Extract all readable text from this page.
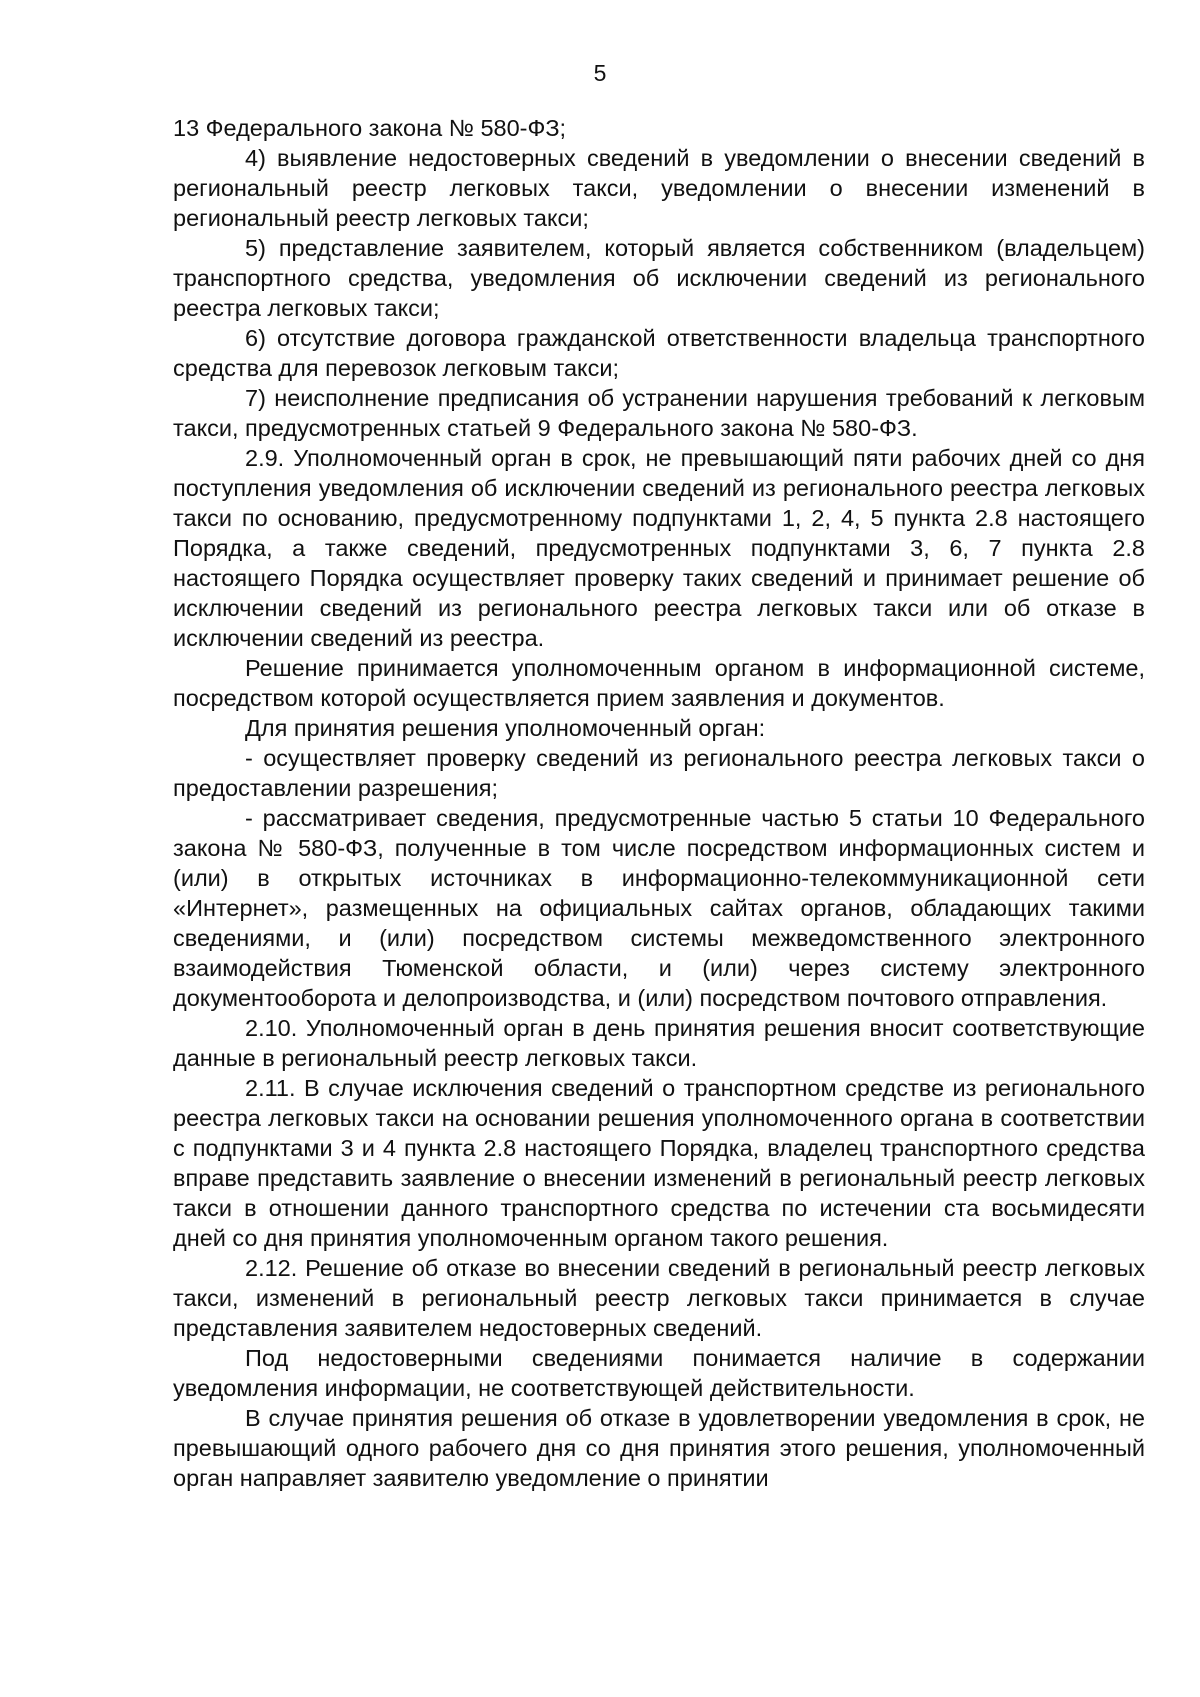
5

13 Федерального закона № 580-ФЗ;

4) выявление недостоверных сведений в уведомлении о внесении сведений в региональный реестр легковых такси, уведомлении о внесении изменений в региональный реестр легковых такси;

5) представление заявителем, который является собственником (владельцем) транспортного средства, уведомления об исключении сведений из регионального реестра легковых такси;

6) отсутствие договора гражданской ответственности владельца транспортного средства для перевозок легковым такси;

7) неисполнение предписания об устранении нарушения требований к легковым такси, предусмотренных статьей 9 Федерального закона № 580-ФЗ.

2.9. Уполномоченный орган в срок, не превышающий пяти рабочих дней со дня поступления уведомления об исключении сведений из регионального реестра легковых такси по основанию, предусмотренному подпунктами 1, 2, 4, 5 пункта 2.8 настоящего Порядка, а также сведений, предусмотренных подпунктами 3, 6, 7 пункта 2.8 настоящего Порядка осуществляет проверку таких сведений и принимает решение об исключении сведений из регионального реестра легковых такси или об отказе в исключении сведений из реестра.

Решение принимается уполномоченным органом в информационной системе, посредством которой осуществляется прием заявления и документов.

Для принятия решения уполномоченный орган:

- осуществляет проверку сведений из регионального реестра легковых такси о предоставлении разрешения;

- рассматривает сведения, предусмотренные частью 5 статьи 10 Федерального закона № 580-ФЗ, полученные в том числе посредством информационных систем и (или) в открытых источниках в информационно-телекоммуникационной сети «Интернет», размещенных на официальных сайтах органов, обладающих такими сведениями, и (или) посредством системы межведомственного электронного взаимодействия Тюменской области, и (или) через систему электронного документооборота и делопроизводства, и (или) посредством почтового отправления.

2.10. Уполномоченный орган в день принятия решения вносит соответствующие данные в региональный реестр легковых такси.

2.11. В случае исключения сведений о транспортном средстве из регионального реестра легковых такси на основании решения уполномоченного органа в соответствии с подпунктами 3 и 4 пункта 2.8 настоящего Порядка, владелец транспортного средства вправе представить заявление о внесении изменений в региональный реестр легковых такси в отношении данного транспортного средства по истечении ста восьмидесяти дней со дня принятия уполномоченным органом такого решения.

2.12. Решение об отказе во внесении сведений в региональный реестр легковых такси, изменений в региональный реестр легковых такси принимается в случае представления заявителем недостоверных сведений.

Под недостоверными сведениями понимается наличие в содержании уведомления информации, не соответствующей действительности.

В случае принятия решения об отказе в удовлетворении уведомления в срок, не превышающий одного рабочего дня со дня принятия этого решения, уполномоченный орган направляет заявителю уведомление о принятии
